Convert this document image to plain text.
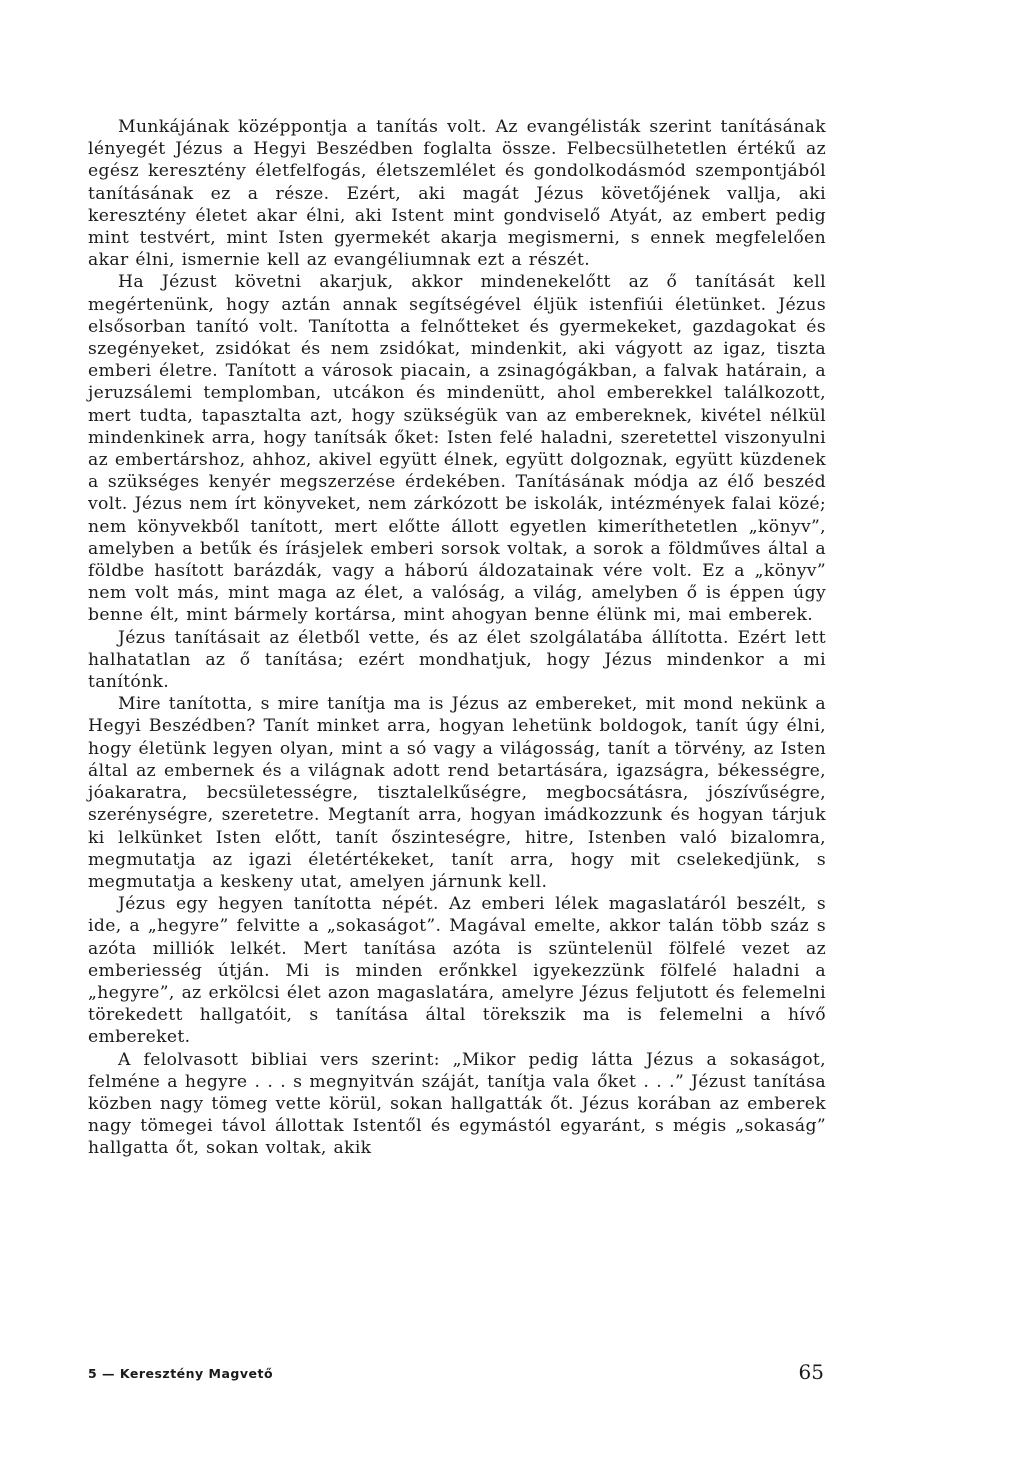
Munkájának középpontja a tanítás volt. Az evangélisták szerint tanításának lényegét Jézus a Hegyi Beszédben foglalta össze. Felbecsülhetetlen értékű az egész keresztény életfelfogás, életszemlélet és gondolkodásmód szempontjából tanításának ez a része. Ezért, aki magát Jézus követőjének vallja, aki keresztény életet akar élni, aki Istent mint gondviselő Atyát, az embert pedig mint testvért, mint Isten gyermekét akarja megismerni, s ennek megfelelően akar élni, ismernie kell az evangéliumnak ezt a részét.

Ha Jézust követni akarjuk, akkor mindenekelőtt az ő tanítását kell megértenünk, hogy aztán annak segítségével éljük istenfiúi életünket. Jézus elsősorban tanító volt. Tanította a felnőtteket és gyermekeket, gazdagokat és szegényeket, zsidókat és nem zsidókat, mindenkit, aki vágyott az igaz, tiszta emberi életre. Tanított a városok piacain, a zsinagógákban, a falvak határain, a jeruzsálemi templomban, utcákon és mindenütt, ahol emberekkel találkozott, mert tudta, tapasztalta azt, hogy szükségük van az embereknek, kivétel nélkül mindenkinek arra, hogy tanítsák őket: Isten felé haladni, szeretettel viszonyulni az embertárshoz, ahhoz, akivel együtt élnek, együtt dolgoznak, együtt küzdenek a szükséges kenyér megszerzése érdekében. Tanításának módja az élő beszéd volt. Jézus nem írt könyveket, nem zárkózott be iskolák, intézmények falai közé; nem könyvekből tanított, mert előtte állott egyetlen kimeríthetetlen „könyv”, amelyben a betűk és írásjelek emberi sorsok voltak, a sorok a földműves által a földbe hasított barázdák, vagy a háború áldozatainak vére volt. Ez a „könyv” nem volt más, mint maga az élet, a valóság, a világ, amelyben ő is éppen úgy benne élt, mint bármely kortársa, mint ahogyan benne élünk mi, mai emberek.

Jézus tanításait az életből vette, és az élet szolgálatába állította. Ezért lett halhatatlan az ő tanítása; ezért mondhatjuk, hogy Jézus mindenkor a mi tanítónk.

Mire tanította, s mire tanítja ma is Jézus az embereket, mit mond nekünk a Hegyi Beszédben? Tanít minket arra, hogyan lehetünk boldogok, tanít úgy élni, hogy életünk legyen olyan, mint a só vagy a világosság, tanít a törvény, az Isten által az embernek és a világnak adott rend betartására, igazságra, békességre, jóakaratra, becsületességre, tisztalelkűségre, megbocsátásra, jószívűségre, szerénységre, szeretetre. Megtanít arra, hogyan imádkozzunk és hogyan tárjuk ki lelkünket Isten előtt, tanít őszinteségre, hitre, Istenben való bizalomra, megmutatja az igazi életértékeket, tanít arra, hogy mit cselekedjünk, s megmutatja a keskeny utat, amelyen járnunk kell.

Jézus egy hegyen tanította népét. Az emberi lélek magaslatáról beszélt, s ide, a „hegyre” felvitte a „sokaságot”. Magával emelte, akkor talán több száz s azóta milliók lelkét. Mert tanítása azóta is szüntelenül fölfelé vezet az emberiesség útján. Mi is minden erőnkkel igyekezzünk fölfelé haladni a „hegyre”, az erkölcsi élet azon magaslatára, amelyre Jézus feljutott és felemelni törekedett hallgatóit, s tanítása által törekszik ma is felemelni a hívő embereket.

A felolvasott bibliai vers szerint: „Mikor pedig látta Jézus a sokaságot, felméne a hegyre . . . s megnyitván száját, tanítja vala őket . . .” Jézust tanítása közben nagy tömeg vette körül, sokan hallgatták őt. Jézus korában az emberek nagy tömegei távol állottak Istentől és egymástól egyaránt, s mégis „sokaság” hallgatta őt, sokan voltak, akik

5 — Keresztény Magvető	65
